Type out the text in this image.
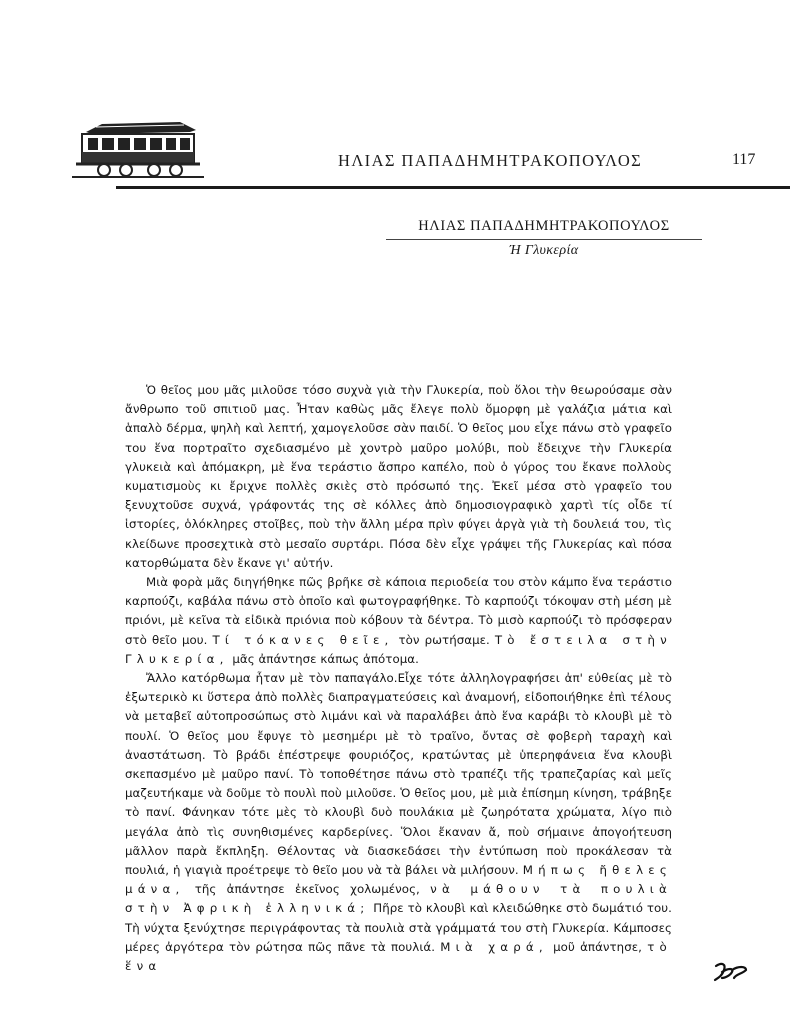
ΗΛΙΑΣ ΠΑΠΑΔΗΜΗΤΡΑΚΟΠΟΥΛΟΣ	117
ΗΛΙΑΣ ΠΑΠΑΔΗΜΗΤΡΑΚΟΠΟΥΛΟΣ
Ή Γλυκερία

Ὁ θεῖος μου μᾶς μιλοῦσε τόσο συχνὰ γιὰ τὴν Γλυκερία, ποὺ ὅλοι τὴν θεωρούσαμε σὰν ἄνθρωπο τοῦ σπιτιοῦ μας. Ἦταν καθὼς μᾶς ἔλεγε πολὺ ὅμορφη μὲ γαλάζια μάτια καὶ ἁπαλὸ δέρμα, ψηλὴ καὶ λεπτή, χαμογελοῦσε σὰν παιδί. Ὁ θεῖος μου εἶχε πάνω στὸ γραφεῖο του ἕνα πορτραῖτο σχεδιασμένο μὲ χοντρὸ μαῦρο μολύβι, ποὺ ἔδειχνε τὴν Γλυκερία γλυκειὰ καὶ ἀπόμακρη, μὲ ἕνα τεράστιο ἄσπρο καπέλο, ποὺ ὁ γύρος του ἔκανε πολλοὺς κυματισμοὺς κι ἔριχνε πολλὲς σκιὲς στὸ πρόσωπό της. Ἐκεῖ μέσα στὸ γραφεῖο του ξενυχτοῦσε συχνά, γράφοντάς της σὲ κόλλες ἀπὸ δημοσιογραφικὸ χαρτὶ τίς οἶδε τί ἱστορίες, ὁλόκληρες στοῖβες, ποὺ τὴν ἄλλη μέρα πρὶν φύγει ἀργὰ γιὰ τὴ δουλειά του, τὶς κλείδωνε προσεχτικὰ στὸ μεσαῖο συρτάρι. Πόσα δὲν εἶχε γράψει τῆς Γλυκερίας καὶ πόσα κατορθώματα δὲν ἔκανε γι' αὐτήν.

Μιὰ φορὰ μᾶς διηγήθηκε πῶς βρῆκε σὲ κάποια περιοδεία του στὸν κάμπο ἕνα τεράστιο καρπούζι, καβάλα πάνω στὸ ὁποῖο καὶ φωτογραφήθηκε. Τὸ καρπούζι τόκοψαν στὴ μέση μὲ πριόνι, μὲ κεῖνα τὰ εἰδικὰ πριόνια ποὺ κόβουν τὰ δέντρα. Τὸ μισὸ καρπούζι τὸ πρόσφεραν στὸ θεῖο μου. Τί τόκανες θεῖε, τὸν ρωτήσαμε. Τὸ ἔστειλα στὴν Γλυκερία, μᾶς ἀπάντησε κάπως ἀπότομα.

Ἄλλο κατόρθωμα ἦταν μὲ τὸν παπαγάλο.Εἶχε τότε ἀλληλογραφήσει ἀπ' εὐθείας μὲ τὸ ἐξωτερικὸ κι ὕστερα ἀπὸ πολλὲς διαπραγματεύσεις καὶ ἀναμονή, εἰδοποιήθηκε ἐπὶ τέλους νὰ μεταβεῖ αὐτοπροσώπως στὸ λιμάνι καὶ νὰ παραλάβει ἀπὸ ἕνα καράβι τὸ κλουβὶ μὲ τὸ πουλί. Ὁ θεῖος μου ἔφυγε τὸ μεσημέρι μὲ τὸ τραῖνο, ὄντας σὲ φοβερὴ ταραχὴ καὶ ἀναστάτωση. Τὸ βράδι ἐπέστρεψε φουριόζος, κρατώντας μὲ ὑπερηφάνεια ἕνα κλουβὶ σκεπασμένο μὲ μαῦρο πανί. Τὸ τοποθέτησε πάνω στὸ τραπέζι τῆς τραπεζαρίας καὶ μεῖς μαζευτήκαμε νὰ δοῦμε τὸ πουλὶ ποὺ μιλοῦσε. Ὁ θεῖος μου, μὲ μιὰ ἐπίσημη κίνηση, τράβηξε τὸ πανί. Φάνηκαν τότε μὲς τὸ κλουβὶ δυὸ πουλάκια μὲ ζωηρότατα χρώματα, λίγο πιὸ μεγάλα ἀπὸ τὶς συνηθισμένες καρδερίνες. Ὅλοι ἔκαναν ἄ, ποὺ σήμαινε ἀπογοήτευση μᾶλλον παρὰ ἔκπληξη. Θέλοντας νὰ διασκεδάσει τὴν ἐντύπωση ποὺ προκάλεσαν τὰ πουλιά, ἡ γιαγιὰ προέτρεψε τὸ θεῖο μου νὰ τὰ βάλει νὰ μιλήσουν. Μήπως ἤθελες μάνα, τῆς ἀπάντησε ἐκεῖνος χολωμένος, νὰ μάθουν τὰ πουλιὰ στὴν Ἀφρικὴ ἑλληνικά; Πῆρε τὸ κλουβὶ καὶ κλειδώθηκε στὸ δωμάτιό του. Τὴ νύχτα ξενύχτησε περιγράφοντας τὰ πουλιὰ στὰ γράμματά του στὴ Γλυκερία. Κάμποσες μέρες ἀργότερα τὸν ρώτησα πῶς πᾶνε τὰ πουλιά. Μιὰ χαρά, μοῦ ἀπάντησε, τὸ ἕνα
